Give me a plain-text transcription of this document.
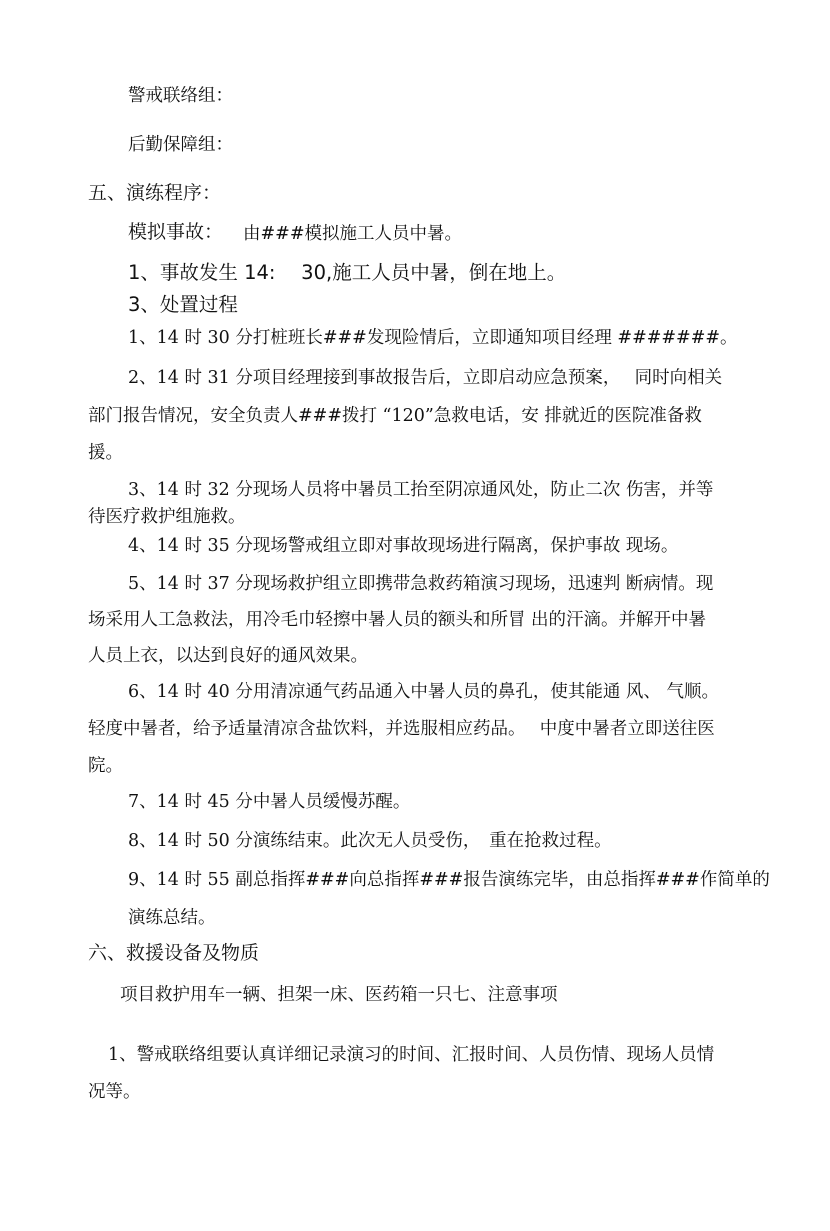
警戒联络组：
后勤保障组：
五、演练程序：
模拟事故： 由###模拟施工人员中暑。
1、事故发生 14:　 30,施工人员中暑，倒在地上。
3、处置过程
1、14 时 30 分打桩班长###发现险情后，立即通知项目经理 #######。
2、14 时 31 分项目经理接到事故报告后，立即启动应急预案，　 同时向相关
部门报告情况，安全负责人###拨打 “120”急救电话，安 排就近的医院准备救
援。
3、14 时 32 分现场人员将中暑员工抬至阴凉通风处，防止二次 伤害，并等
待医疗救护组施救。
4、14 时 35 分现场警戒组立即对事故现场进行隔离，保护事故 现场。
5、14 时 37 分现场救护组立即携带急救药箱演习现场，迅速判 断病情。现
场采用人工急救法，用冷毛巾轻擦中暑人员的额头和所冒 出的汗滴。并解开中暑
人员上衣，以达到良好的通风效果。
6、14 时 40 分用清凉通气药品通入中暑人员的鼻孔，使其能通 风、 气顺。
轻度中暑者，给予适量清凉含盐饮料，并选服相应药品。　 中度中暑者立即送往医
院。
7、14 时 45 分中暑人员缓慢苏醒。
8、14 时 50 分演练结束。此次无人员受伤，　重在抢救过程。
9、14 时 55 副总指挥###向总指挥###报告演练完毕，由总指挥###作简单的
演练总结。
六、救援设备及物质
项目救护用车一辆、担架一床、医药箱一只七、注意事项
1、警戒联络组要认真详细记录演习的时间、汇报时间、人员伤情、现场人员情
况等。
